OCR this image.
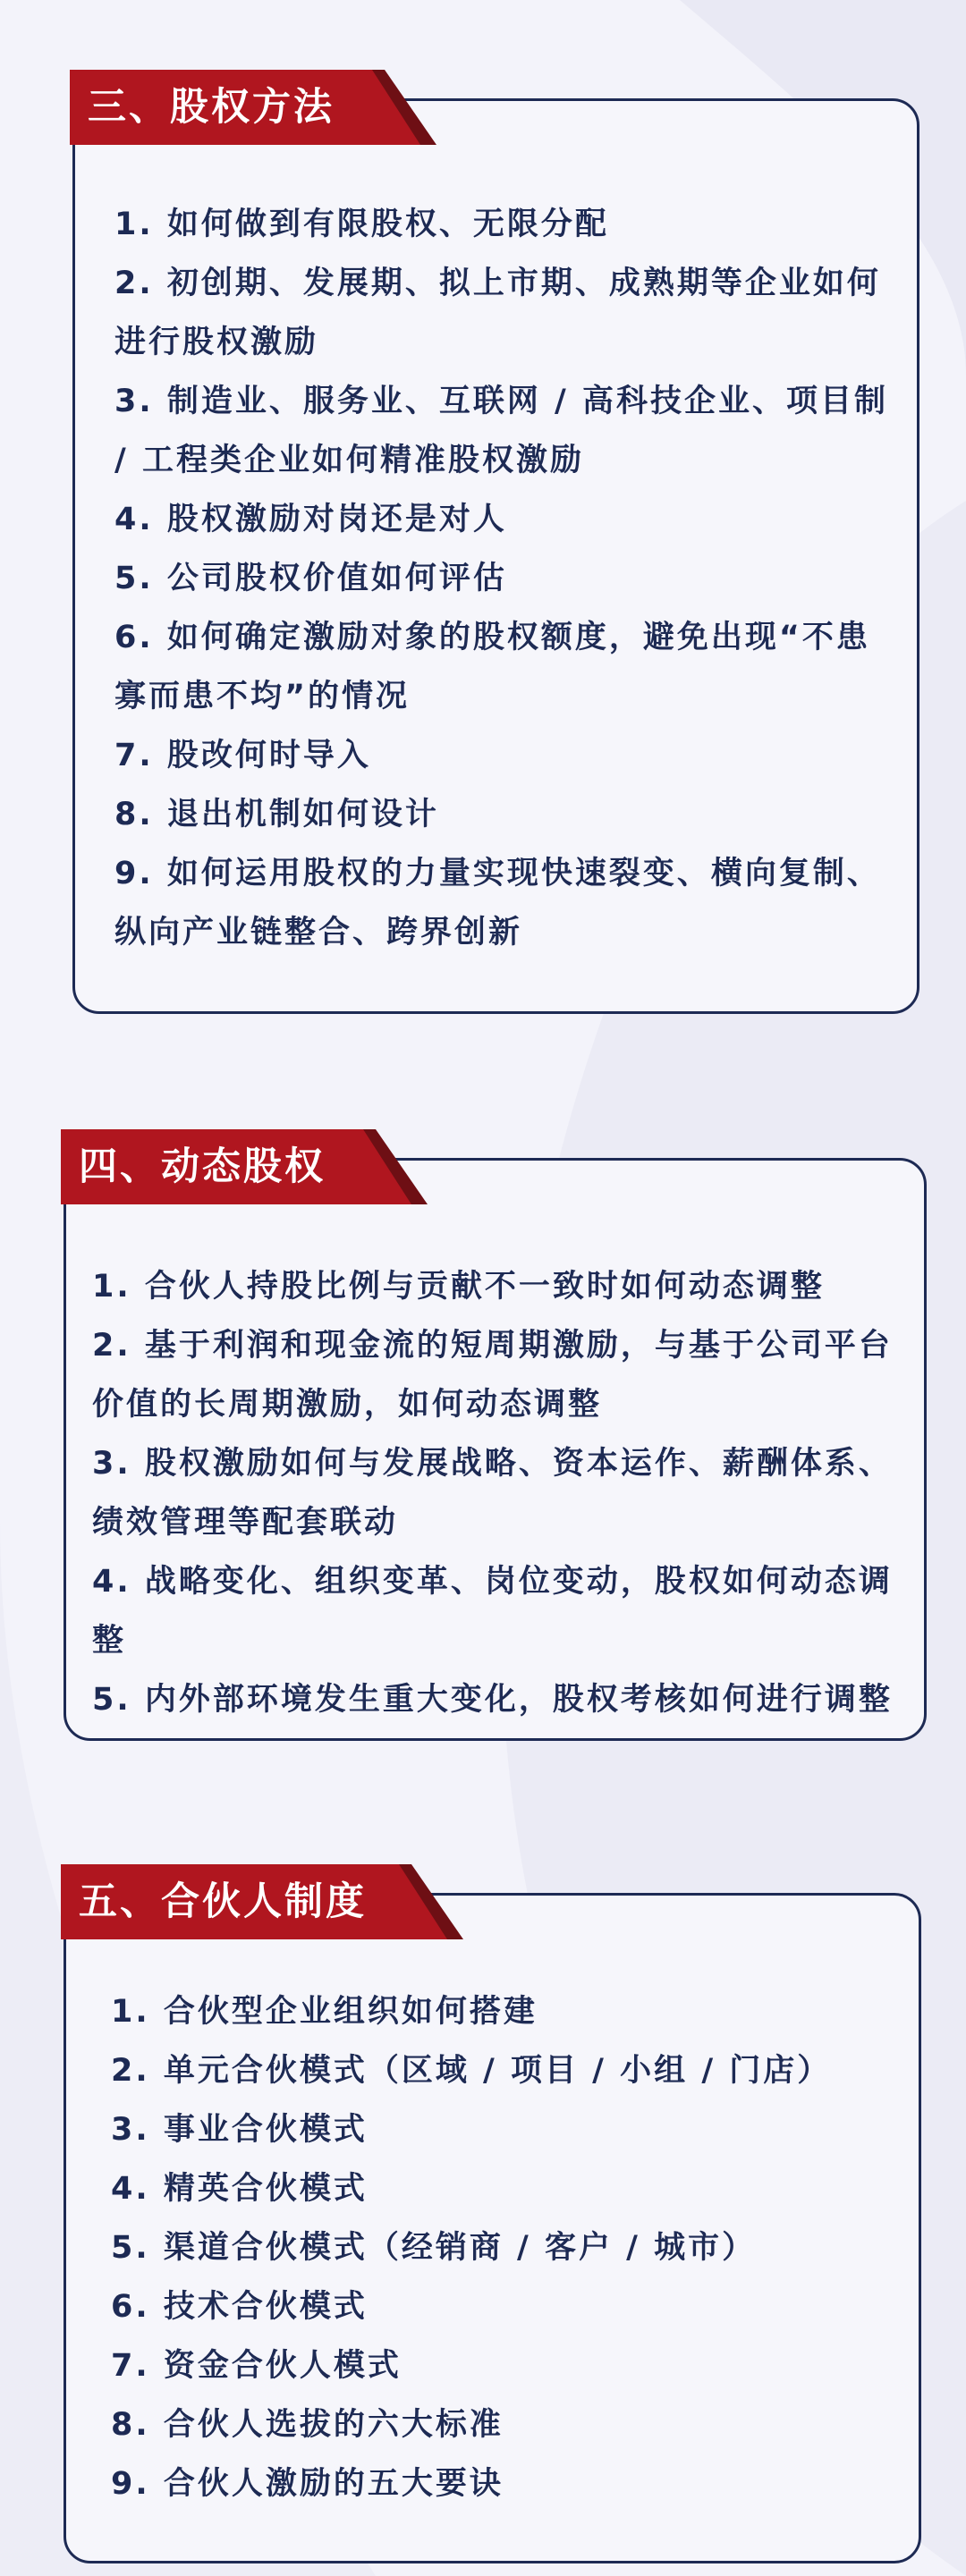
三、股权方法
1. 如何做到有限股权、无限分配
2. 初创期、发展期、拟上市期、成熟期等企业如何进行股权激励
3. 制造业、服务业、互联网 / 高科技企业、项目制 / 工程类企业如何精准股权激励
4. 股权激励对岗还是对人
5. 公司股权价值如何评估
6. 如何确定激励对象的股权额度，避免出现“不患寡而患不均”的情况
7. 股改何时导入
8. 退出机制如何设计
9. 如何运用股权的力量实现快速裂变、横向复制、纵向产业链整合、跨界创新
四、动态股权
1. 合伙人持股比例与贡献不一致时如何动态调整
2. 基于利润和现金流的短周期激励，与基于公司平台价值的长周期激励，如何动态调整
3. 股权激励如何与发展战略、资本运作、薪酬体系、绩效管理等配套联动
4. 战略变化、组织变革、岗位变动，股权如何动态调整
5. 内外部环境发生重大变化，股权考核如何进行调整
五、合伙人制度
1. 合伙型企业组织如何搭建
2. 单元合伙模式（区域 / 项目 / 小组 / 门店）
3. 事业合伙模式
4. 精英合伙模式
5. 渠道合伙模式（经销商 / 客户 / 城市）
6. 技术合伙模式
7. 资金合伙人模式
8. 合伙人选拔的六大标准
9. 合伙人激励的五大要诀
